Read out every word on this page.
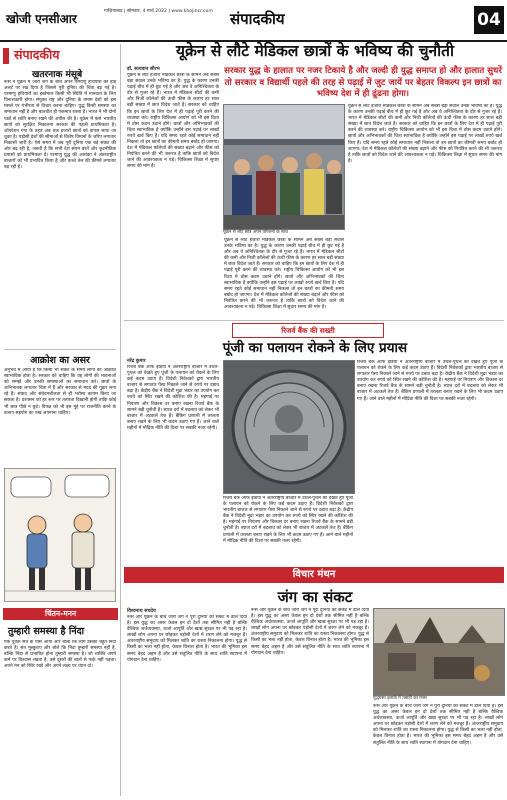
खोजी एनसीआर
गाज़ियाबाद | सोमवार, 4 मार्च 2022 | www.khojincr.com	संपादकीय	04
संपादकीय
खतरनाक मंसूबे
रूस ने यूक्रेन में जारी जंग के बीच अपने परमाणु हथियारों को हाई अलर्ट पर रख दिया है जिससे पूरी दुनिया की चिंता बढ़ गई है। परमाणु हथियारों का इस्तेमाल किसी भी स्थिति में मानवता के लिए विनाशकारी होगा। संयुक्त राष्ट्र और दुनिया के तमाम देशों को इस मसले पर गंभीरता से विचार करना चाहिए। युद्ध किसी समस्या का समाधान नहीं है और बातचीत ही एकमात्र रास्ता है। भारत ने भी दोनों पक्षों से शांति बनाए रखने की अपील की है। यूक्रेन में फंसे भारतीय छात्रों को सुरक्षित निकालना सरकार की पहली प्राथमिकता है। ऑपरेशन गंगा के तहत अब तक हजारों छात्रों को वापस लाया जा चुका है। पड़ोसी देशों की सीमाओं से विशेष विमानों के जरिए लगातार निकासी जारी है। ऐसे समय में जब पूरी दुनिया एक बड़े संकट की ओर बढ़ रही है, जरूरी है कि सभी देश संयम बरतें और कूटनीतिक प्रयासों को प्राथमिकता दें। परमाणु युद्ध की आशंका ने अंतरराष्ट्रीय बाजारों को भी प्रभावित किया है और कच्चे तेल की कीमतें लगातार बढ़ रही हैं।
आक्रोश का असर
अनुभव में आया है कि किसी भी संकट के समय लोगों का आक्रोश स्वाभाविक होता है। सरकार को चाहिए कि वह लोगों की भावनाओं को समझे और उनकी समस्याओं का समाधान करे। छात्रों के अभिभावक लगातार चिंता में हैं और सरकार से मदद की गुहार लगा रहे हैं। संवाद और संवेदनशीलता से ही भरोसा कायम किया जा सकता है। प्रशासन को हर स्तर पर तत्परता दिखानी होगी ताकि कोई भी छात्र पीछे न छूटे। विपक्ष को भी इस मुद्दे पर राजनीति करने के बजाय सहयोग का रुख अपनाना चाहिए।
चिंतन-मनन
तुम्हारी समस्या है निंदा
एक युवक संत के पास आया और बोला कि लोग उसकी बहुत निंदा करते हैं। संत मुस्कुराए और बोले कि निंदा तुम्हारी समस्या नहीं है, बल्कि निंदा से प्रभावित होना तुम्हारी समस्या है। जो व्यक्ति अपने कर्म पर विश्वास रखता है, उसे दूसरों की बातों से फर्क नहीं पड़ता। अपने मन को स्थिर रखो और अपने लक्ष्य पर ध्यान दो।
यूक्रेन से लौटे मेडिकल छात्रों के भविष्य की चुनौती
डॉ. सत्यवान सौरभ
यूक्रेन से लौटे हजारों मेडिकल छात्रों के सामने अब सबसे बड़ा सवाल उनके भविष्य का है। युद्ध के कारण उनकी पढ़ाई बीच में ही छूट गई है और अब वे अनिश्चितता के दौर से गुजर रहे हैं। भारत में मेडिकल सीटों की कमी और निजी कॉलेजों की ऊंची फीस के कारण हर साल बड़ी संख्या में छात्र विदेश जाते हैं। सरकार को चाहिए कि इन छात्रों के लिए देश में ही पढ़ाई पूरी करने की व्यवस्था करे। राष्ट्रीय चिकित्सा आयोग को भी इस दिशा में ठोस कदम उठाने होंगे। छात्रों और अभिभावकों की चिंता स्वाभाविक है क्योंकि उन्होंने इस पढ़ाई पर लाखों रुपये खर्च किए हैं। यदि समय रहते कोई समाधान नहीं निकला तो इन छात्रों का कीमती समय बर्बाद हो जाएगा। देश में मेडिकल कॉलेजों की संख्या बढ़ाने और फीस को नियंत्रित करने की भी जरूरत है ताकि छात्रों को विदेश जाने की आवश्यकता न पड़े। चिकित्सा शिक्षा में सुधार समय की मांग है।
सरकार युद्ध के हालात पर नजर टिकाये है और जल्दी ही युद्ध समाप्त हो और हालात सुधरें तो सरकार व विद्यार्थी पहले की तरह से पढ़ाई में जुट जायें पर बेहतर विकल्प इन छात्रों का भविष्य देश में ही ढूंढना होगा।
यूक्रेन से लौटे छात्र अपने परिजनों के साथ
यूक्रेन से लौटे हजारों मेडिकल छात्रों के सामने अब सबसे बड़ा सवाल उनके भविष्य का है। युद्ध के कारण उनकी पढ़ाई बीच में ही छूट गई है और अब वे अनिश्चितता के दौर से गुजर रहे हैं। भारत में मेडिकल सीटों की कमी और निजी कॉलेजों की ऊंची फीस के कारण हर साल बड़ी संख्या में छात्र विदेश जाते हैं। सरकार को चाहिए कि इन छात्रों के लिए देश में ही पढ़ाई पूरी करने की व्यवस्था करे। राष्ट्रीय चिकित्सा आयोग को भी इस दिशा में ठोस कदम उठाने होंगे। छात्रों और अभिभावकों की चिंता स्वाभाविक है क्योंकि उन्होंने इस पढ़ाई पर लाखों रुपये खर्च किए हैं। यदि समय रहते कोई समाधान नहीं निकला तो इन छात्रों का कीमती समय बर्बाद हो जाएगा। देश में मेडिकल कॉलेजों की संख्या बढ़ाने और फीस को नियंत्रित करने की भी जरूरत है ताकि छात्रों को विदेश जाने की आवश्यकता न पड़े। चिकित्सा शिक्षा में सुधार समय की मांग है।
यूक्रेन से लौटे हजारों मेडिकल छात्रों के सामने अब सबसे बड़ा सवाल उनके भविष्य का है। युद्ध के कारण उनकी पढ़ाई बीच में ही छूट गई है और अब वे अनिश्चितता के दौर से गुजर रहे हैं। भारत में मेडिकल सीटों की कमी और निजी कॉलेजों की ऊंची फीस के कारण हर साल बड़ी संख्या में छात्र विदेश जाते हैं। सरकार को चाहिए कि इन छात्रों के लिए देश में ही पढ़ाई पूरी करने की व्यवस्था करे। राष्ट्रीय चिकित्सा आयोग को भी इस दिशा में ठोस कदम उठाने होंगे। छात्रों और अभिभावकों की चिंता स्वाभाविक है क्योंकि उन्होंने इस पढ़ाई पर लाखों रुपये खर्च किए हैं। यदि समय रहते कोई समाधान नहीं निकला तो इन छात्रों का कीमती समय बर्बाद हो जाएगा। देश में मेडिकल कॉलेजों की संख्या बढ़ाने और फीस को नियंत्रित करने की भी जरूरत है ताकि छात्रों को विदेश जाने की आवश्यकता न पड़े। चिकित्सा शिक्षा में सुधार समय की मांग है।
रिजर्व बैंक की सख्ती
पूंजी का पलायन रोकने के लिए प्रयास
नरेंद्र कुमार
रिजर्व बैंक ऑफ इंडिया ने अंतरराष्ट्रीय बाजार में उथल-पुथल को देखते हुए पूंजी के पलायन को रोकने के लिए कई कदम उठाए हैं। विदेशी निवेशकों द्वारा भारतीय बाजार से लगातार पैसा निकाले जाने से रुपये पर दबाव बढ़ा है। केंद्रीय बैंक ने विदेशी मुद्रा भंडार का उपयोग कर रुपये को स्थिर रखने की कोशिश की है। महंगाई पर नियंत्रण और विकास दर बनाए रखना रिजर्व बैंक के सामने बड़ी चुनौती है। ब्याज दरों में बदलाव को लेकर भी बाजार में अटकलें तेज हैं। बैंकिंग प्रणाली में तरलता बनाए रखने के लिए भी कदम उठाए गए हैं। आने वाले महीनों में मौद्रिक नीति की दिशा पर सबकी नजर रहेगी।
रिजर्व बैंक ऑफ इंडिया ने अंतरराष्ट्रीय बाजार में उथल-पुथल को देखते हुए पूंजी के पलायन को रोकने के लिए कई कदम उठाए हैं। विदेशी निवेशकों द्वारा भारतीय बाजार से लगातार पैसा निकाले जाने से रुपये पर दबाव बढ़ा है। केंद्रीय बैंक ने विदेशी मुद्रा भंडार का उपयोग कर रुपये को स्थिर रखने की कोशिश की है। महंगाई पर नियंत्रण और विकास दर बनाए रखना रिजर्व बैंक के सामने बड़ी चुनौती है। ब्याज दरों में बदलाव को लेकर भी बाजार में अटकलें तेज हैं। बैंकिंग प्रणाली में तरलता बनाए रखने के लिए भी कदम उठाए गए हैं। आने वाले महीनों में मौद्रिक नीति की दिशा पर सबकी नजर रहेगी।
रिजर्व बैंक ऑफ इंडिया ने अंतरराष्ट्रीय बाजार में उथल-पुथल को देखते हुए पूंजी के पलायन को रोकने के लिए कई कदम उठाए हैं। विदेशी निवेशकों द्वारा भारतीय बाजार से लगातार पैसा निकाले जाने से रुपये पर दबाव बढ़ा है। केंद्रीय बैंक ने विदेशी मुद्रा भंडार का उपयोग कर रुपये को स्थिर रखने की कोशिश की है। महंगाई पर नियंत्रण और विकास दर बनाए रखना रिजर्व बैंक के सामने बड़ी चुनौती है। ब्याज दरों में बदलाव को लेकर भी बाजार में अटकलें तेज हैं। बैंकिंग प्रणाली में तरलता बनाए रखने के लिए भी कदम उठाए गए हैं। आने वाले महीनों में मौद्रिक नीति की दिशा पर सबकी नजर रहेगी।
विचार मंथन
जंग का संकट
विश्वनाथ सचदेव
रूस और यूक्रेन के बीच जारी जंग ने पूरी दुनिया को संकट में डाल दिया है। इस युद्ध का असर केवल इन दो देशों तक सीमित नहीं है बल्कि वैश्विक अर्थव्यवस्था, ऊर्जा आपूर्ति और खाद्य सुरक्षा पर भी पड़ रहा है। लाखों लोग अपना घर छोड़कर पड़ोसी देशों में शरण लेने को मजबूर हैं। अंतरराष्ट्रीय समुदाय को मिलकर शांति का रास्ता निकालना होगा। युद्ध से किसी का भला नहीं होता, केवल विनाश होता है। भारत की भूमिका इस समय बेहद अहम है और उसे संतुलित नीति के साथ शांति स्थापना में योगदान देना चाहिए।
रूस और यूक्रेन के बीच जारी जंग ने पूरी दुनिया को संकट में डाल दिया है। इस युद्ध का असर केवल इन दो देशों तक सीमित नहीं है बल्कि वैश्विक अर्थव्यवस्था, ऊर्जा आपूर्ति और खाद्य सुरक्षा पर भी पड़ रहा है। लाखों लोग अपना घर छोड़कर पड़ोसी देशों में शरण लेने को मजबूर हैं। अंतरराष्ट्रीय समुदाय को मिलकर शांति का रास्ता निकालना होगा। युद्ध से किसी का भला नहीं होता, केवल विनाश होता है। भारत की भूमिका इस समय बेहद अहम है और उसे संतुलित नीति के साथ शांति स्थापना में योगदान देना चाहिए।
युद्धग्रस्त इलाके में तबाही का मंजर
रूस और यूक्रेन के बीच जारी जंग ने पूरी दुनिया को संकट में डाल दिया है। इस युद्ध का असर केवल इन दो देशों तक सीमित नहीं है बल्कि वैश्विक अर्थव्यवस्था, ऊर्जा आपूर्ति और खाद्य सुरक्षा पर भी पड़ रहा है। लाखों लोग अपना घर छोड़कर पड़ोसी देशों में शरण लेने को मजबूर हैं। अंतरराष्ट्रीय समुदाय को मिलकर शांति का रास्ता निकालना होगा। युद्ध से किसी का भला नहीं होता, केवल विनाश होता है। भारत की भूमिका इस समय बेहद अहम है और उसे संतुलित नीति के साथ शांति स्थापना में योगदान देना चाहिए।
